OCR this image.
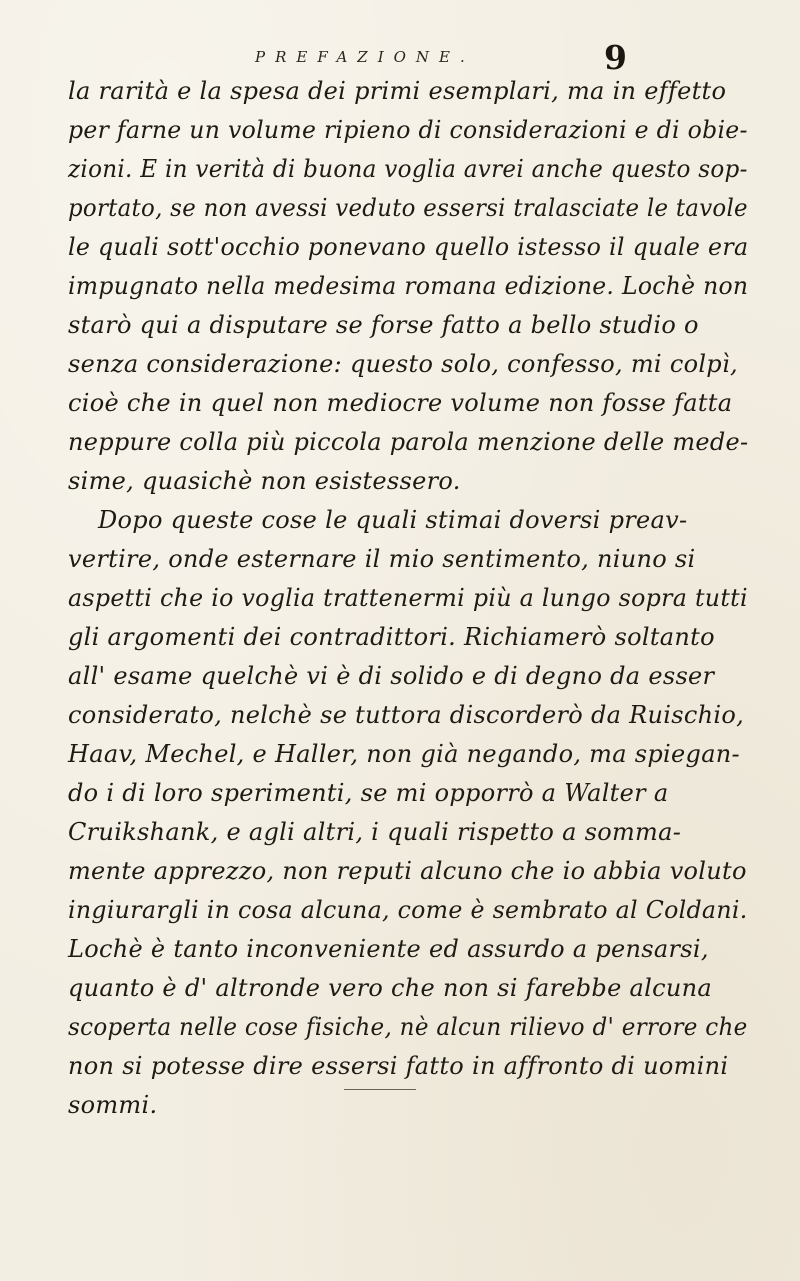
PREFAZIONE.	9
la rarità e la spesa dei primi esemplari, ma in effetto
per farne un volume ripieno di considerazioni e di obie-
zioni. E in verità di buona voglia avrei anche questo sop-
portato, se non avessi veduto essersi tralasciate le tavole
le quali sott'occhio ponevano quello istesso il quale era
impugnato nella medesima romana edizione. Lochè non
starò qui a disputare se forse fatto a bello studio o
senza considerazione: questo solo, confesso, mi colpì,
cioè che in quel non mediocre volume non fosse fatta
neppure colla più piccola parola menzione delle mede-
sime, quasichè non esistessero.
Dopo queste cose le quali stimai doversi preav-
vertire, onde esternare il mio sentimento, niuno si
aspetti che io voglia trattenermi più a lungo sopra tutti
gli argomenti dei contradittori. Richiamerò soltanto
all' esame quelchè vi è di solido e di degno da esser
considerato, nelchè se tuttora discorderò da Ruischio,
Haav, Mechel, e Haller, non già negando, ma spiegan-
do i di loro sperimenti, se mi opporrò a Walter a
Cruikshank, e agli altri, i quali rispetto a somma-
mente apprezzo, non reputi alcuno che io abbia voluto
ingiurargli in cosa alcuna, come è sembrato al Coldani.
Lochè è tanto inconveniente ed assurdo a pensarsi,
quanto è d' altronde vero che non si farebbe alcuna
scoperta nelle cose fisiche, nè alcun rilievo d' errore che
non si potesse dire essersi fatto in affronto di uomini
sommi.
